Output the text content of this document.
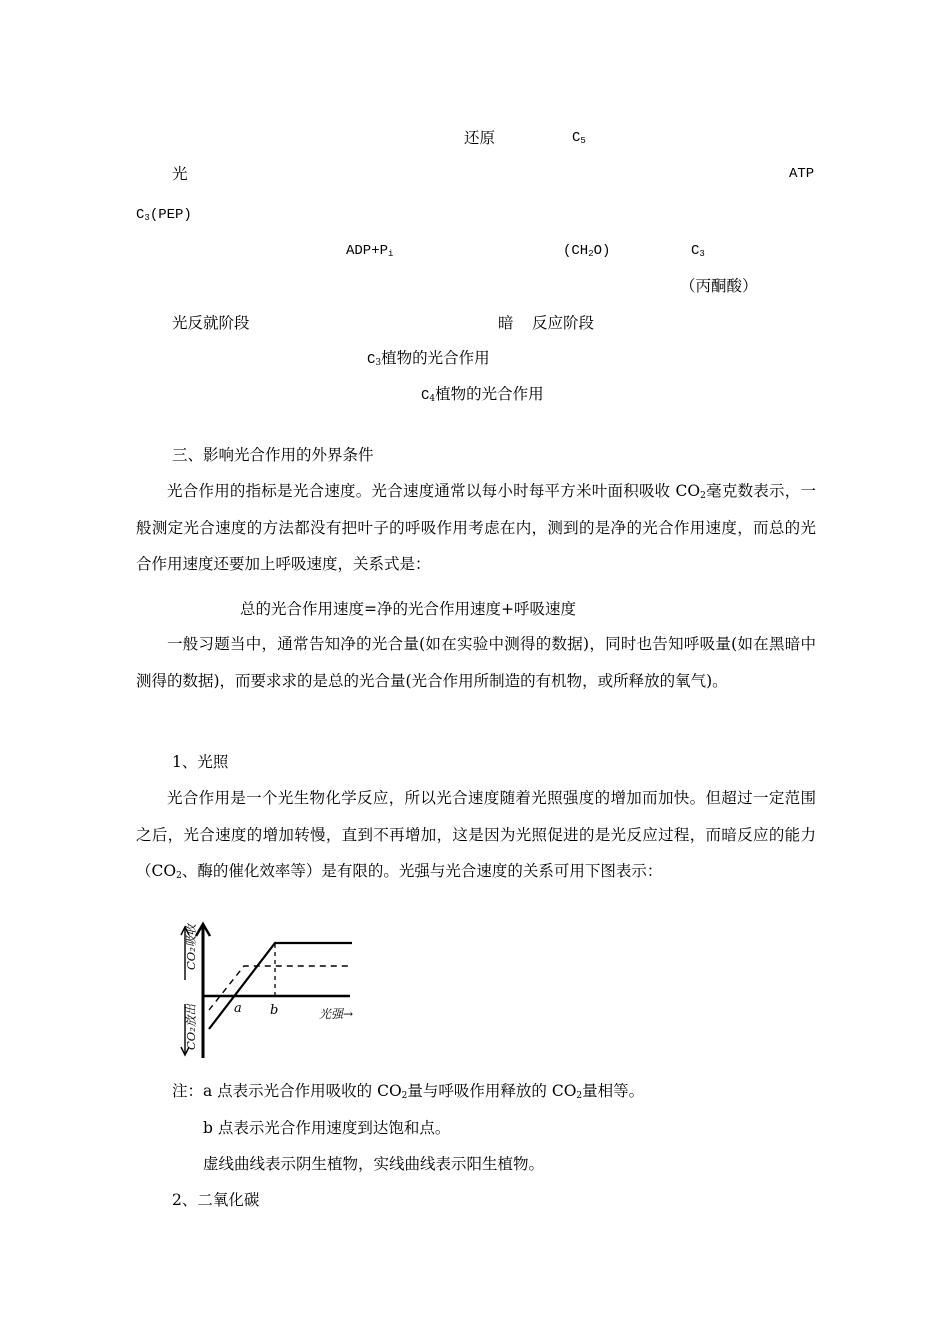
还原	$C_5$
光	ATP
$C_3(PEP)$
$ADP+P_i$	$(CH_2O)$	$C_3$
（丙酮酸）
光反就阶段	暗 反应阶段
$C_3$植物的光合作用
$C_4$植物的光合作用
三、影响光合作用的外界条件
光合作用的指标是光合速度。光合速度通常以每小时每平方米叶面积吸收 $CO_2$毫克数表示，一般测定光合速度的方法都没有把叶子的呼吸作用考虑在内，测到的是净的光合作用速度，而总的光合作用速度还要加上呼吸速度，关系式是：
总的光合作用速度=净的光合作用速度+呼吸速度
一般习题当中，通常告知净的光合量(如在实验中测得的数据)，同时也告知呼吸量(如在黑暗中测得的数据)，而要求求的是总的光合量(光合作用所制造的有机物，或所释放的氧气)。
1、光照
光合作用是一个光生物化学反应，所以光合速度随着光照强度的增加而加快。但超过一定范围之后，光合速度的增加转慢，直到不再增加，这是因为光照促进的是光反应过程，而暗反应的能力（$CO_2$、酶的催化效率等）是有限的。光强与光合速度的关系可用下图表示：
CO₂吸收
CO₂放出	a b	光强→
注：a 点表示光合作用吸收的 $CO_2$量与呼吸作用释放的 $CO_2$量相等。
b 点表示光合作用速度到达饱和点。
虚线曲线表示阴生植物，实线曲线表示阳生植物。
2、二氧化碳
